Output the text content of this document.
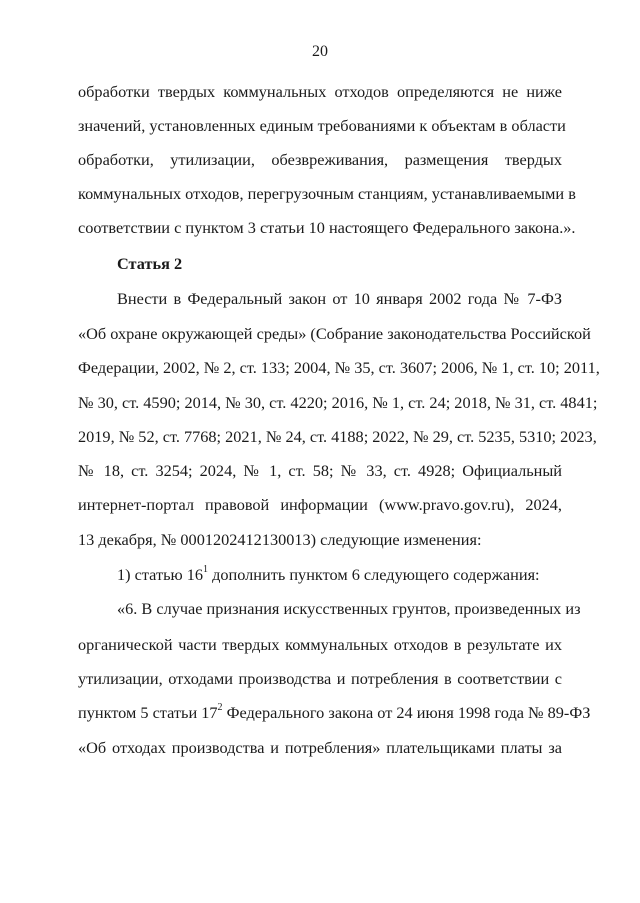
20
обработки твердых коммунальных отходов определяются не ниже
значений, установленных единым требованиями к объектам в области
обработки, утилизации, обезвреживания, размещения твердых
коммунальных отходов, перегрузочным станциям, устанавливаемыми в
соответствии с пунктом 3 статьи 10 настоящего Федерального закона.».
Статья 2
Внести в Федеральный закон от 10 января 2002 года № 7-ФЗ
«Об охране окружающей среды» (Собрание законодательства Российской
Федерации, 2002, № 2, ст. 133; 2004, № 35, ст. 3607; 2006, № 1, ст. 10; 2011,
№ 30, ст. 4590; 2014, № 30, ст. 4220; 2016, № 1, ст. 24; 2018, № 31, ст. 4841;
2019, № 52, ст. 7768; 2021, № 24, ст. 4188; 2022, № 29, ст. 5235, 5310; 2023,
№ 18, ст. 3254; 2024, № 1, ст. 58; № 33, ст. 4928; Официальный
интернет-портал правовой информации (www.pravo.gov.ru), 2024,
13 декабря, № 0001202412130013) следующие изменения:
1) статью $16^1$ дополнить пунктом 6 следующего содержания:
«6. В случае признания искусственных грунтов, произведенных из
органической части твердых коммунальных отходов в результате их
утилизации, отходами производства и потребления в соответствии с
пунктом 5 статьи $17^2$ Федерального закона от 24 июня 1998 года № 89-ФЗ
«Об отходах производства и потребления» плательщиками платы за
